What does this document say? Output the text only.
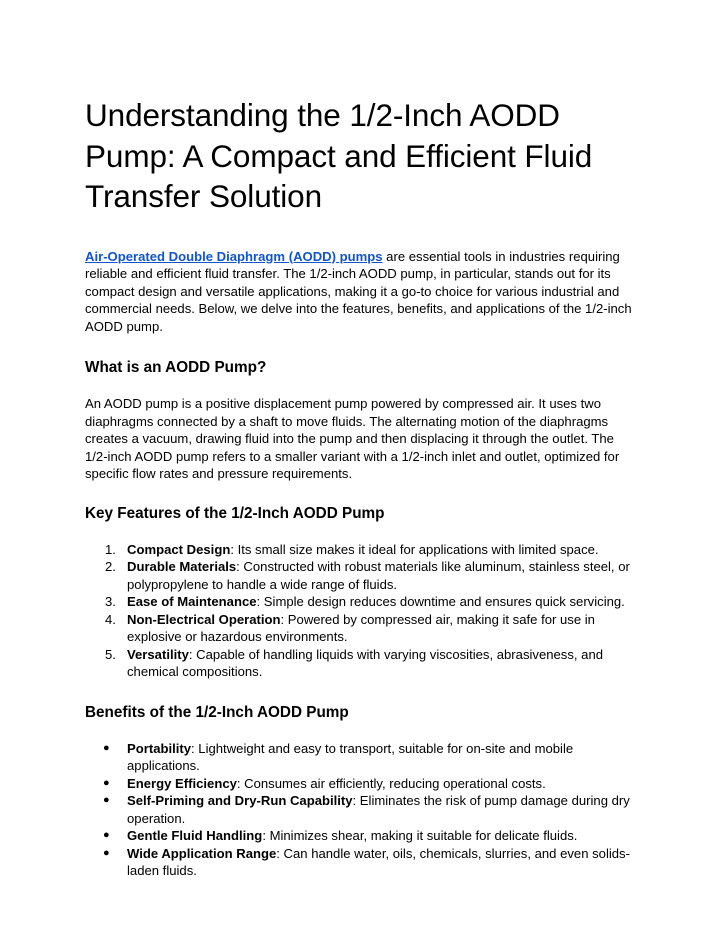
Understanding the 1/2-Inch AODD Pump: A Compact and Efficient Fluid Transfer Solution

Air-Operated Double Diaphragm (AODD) pumps are essential tools in industries requiring reliable and efficient fluid transfer. The 1/2-inch AODD pump, in particular, stands out for its compact design and versatile applications, making it a go-to choice for various industrial and commercial needs. Below, we delve into the features, benefits, and applications of the 1/2-inch AODD pump.

What is an AODD Pump?

An AODD pump is a positive displacement pump powered by compressed air. It uses two diaphragms connected by a shaft to move fluids. The alternating motion of the diaphragms creates a vacuum, drawing fluid into the pump and then displacing it through the outlet. The 1/2-inch AODD pump refers to a smaller variant with a 1/2-inch inlet and outlet, optimized for specific flow rates and pressure requirements.

Key Features of the 1/2-Inch AODD Pump
1. Compact Design: Its small size makes it ideal for applications with limited space.
2. Durable Materials: Constructed with robust materials like aluminum, stainless steel, or polypropylene to handle a wide range of fluids.
3. Ease of Maintenance: Simple design reduces downtime and ensures quick servicing.
4. Non-Electrical Operation: Powered by compressed air, making it safe for use in explosive or hazardous environments.
5. Versatility: Capable of handling liquids with varying viscosities, abrasiveness, and chemical compositions.
Benefits of the 1/2-Inch AODD Pump
●	Portability: Lightweight and easy to transport, suitable for on-site and mobile applications.
●	Energy Efficiency: Consumes air efficiently, reducing operational costs.
●	Self-Priming and Dry-Run Capability: Eliminates the risk of pump damage during dry operation.
●	Gentle Fluid Handling: Minimizes shear, making it suitable for delicate fluids.
●	Wide Application Range: Can handle water, oils, chemicals, slurries, and even solids-laden fluids.
